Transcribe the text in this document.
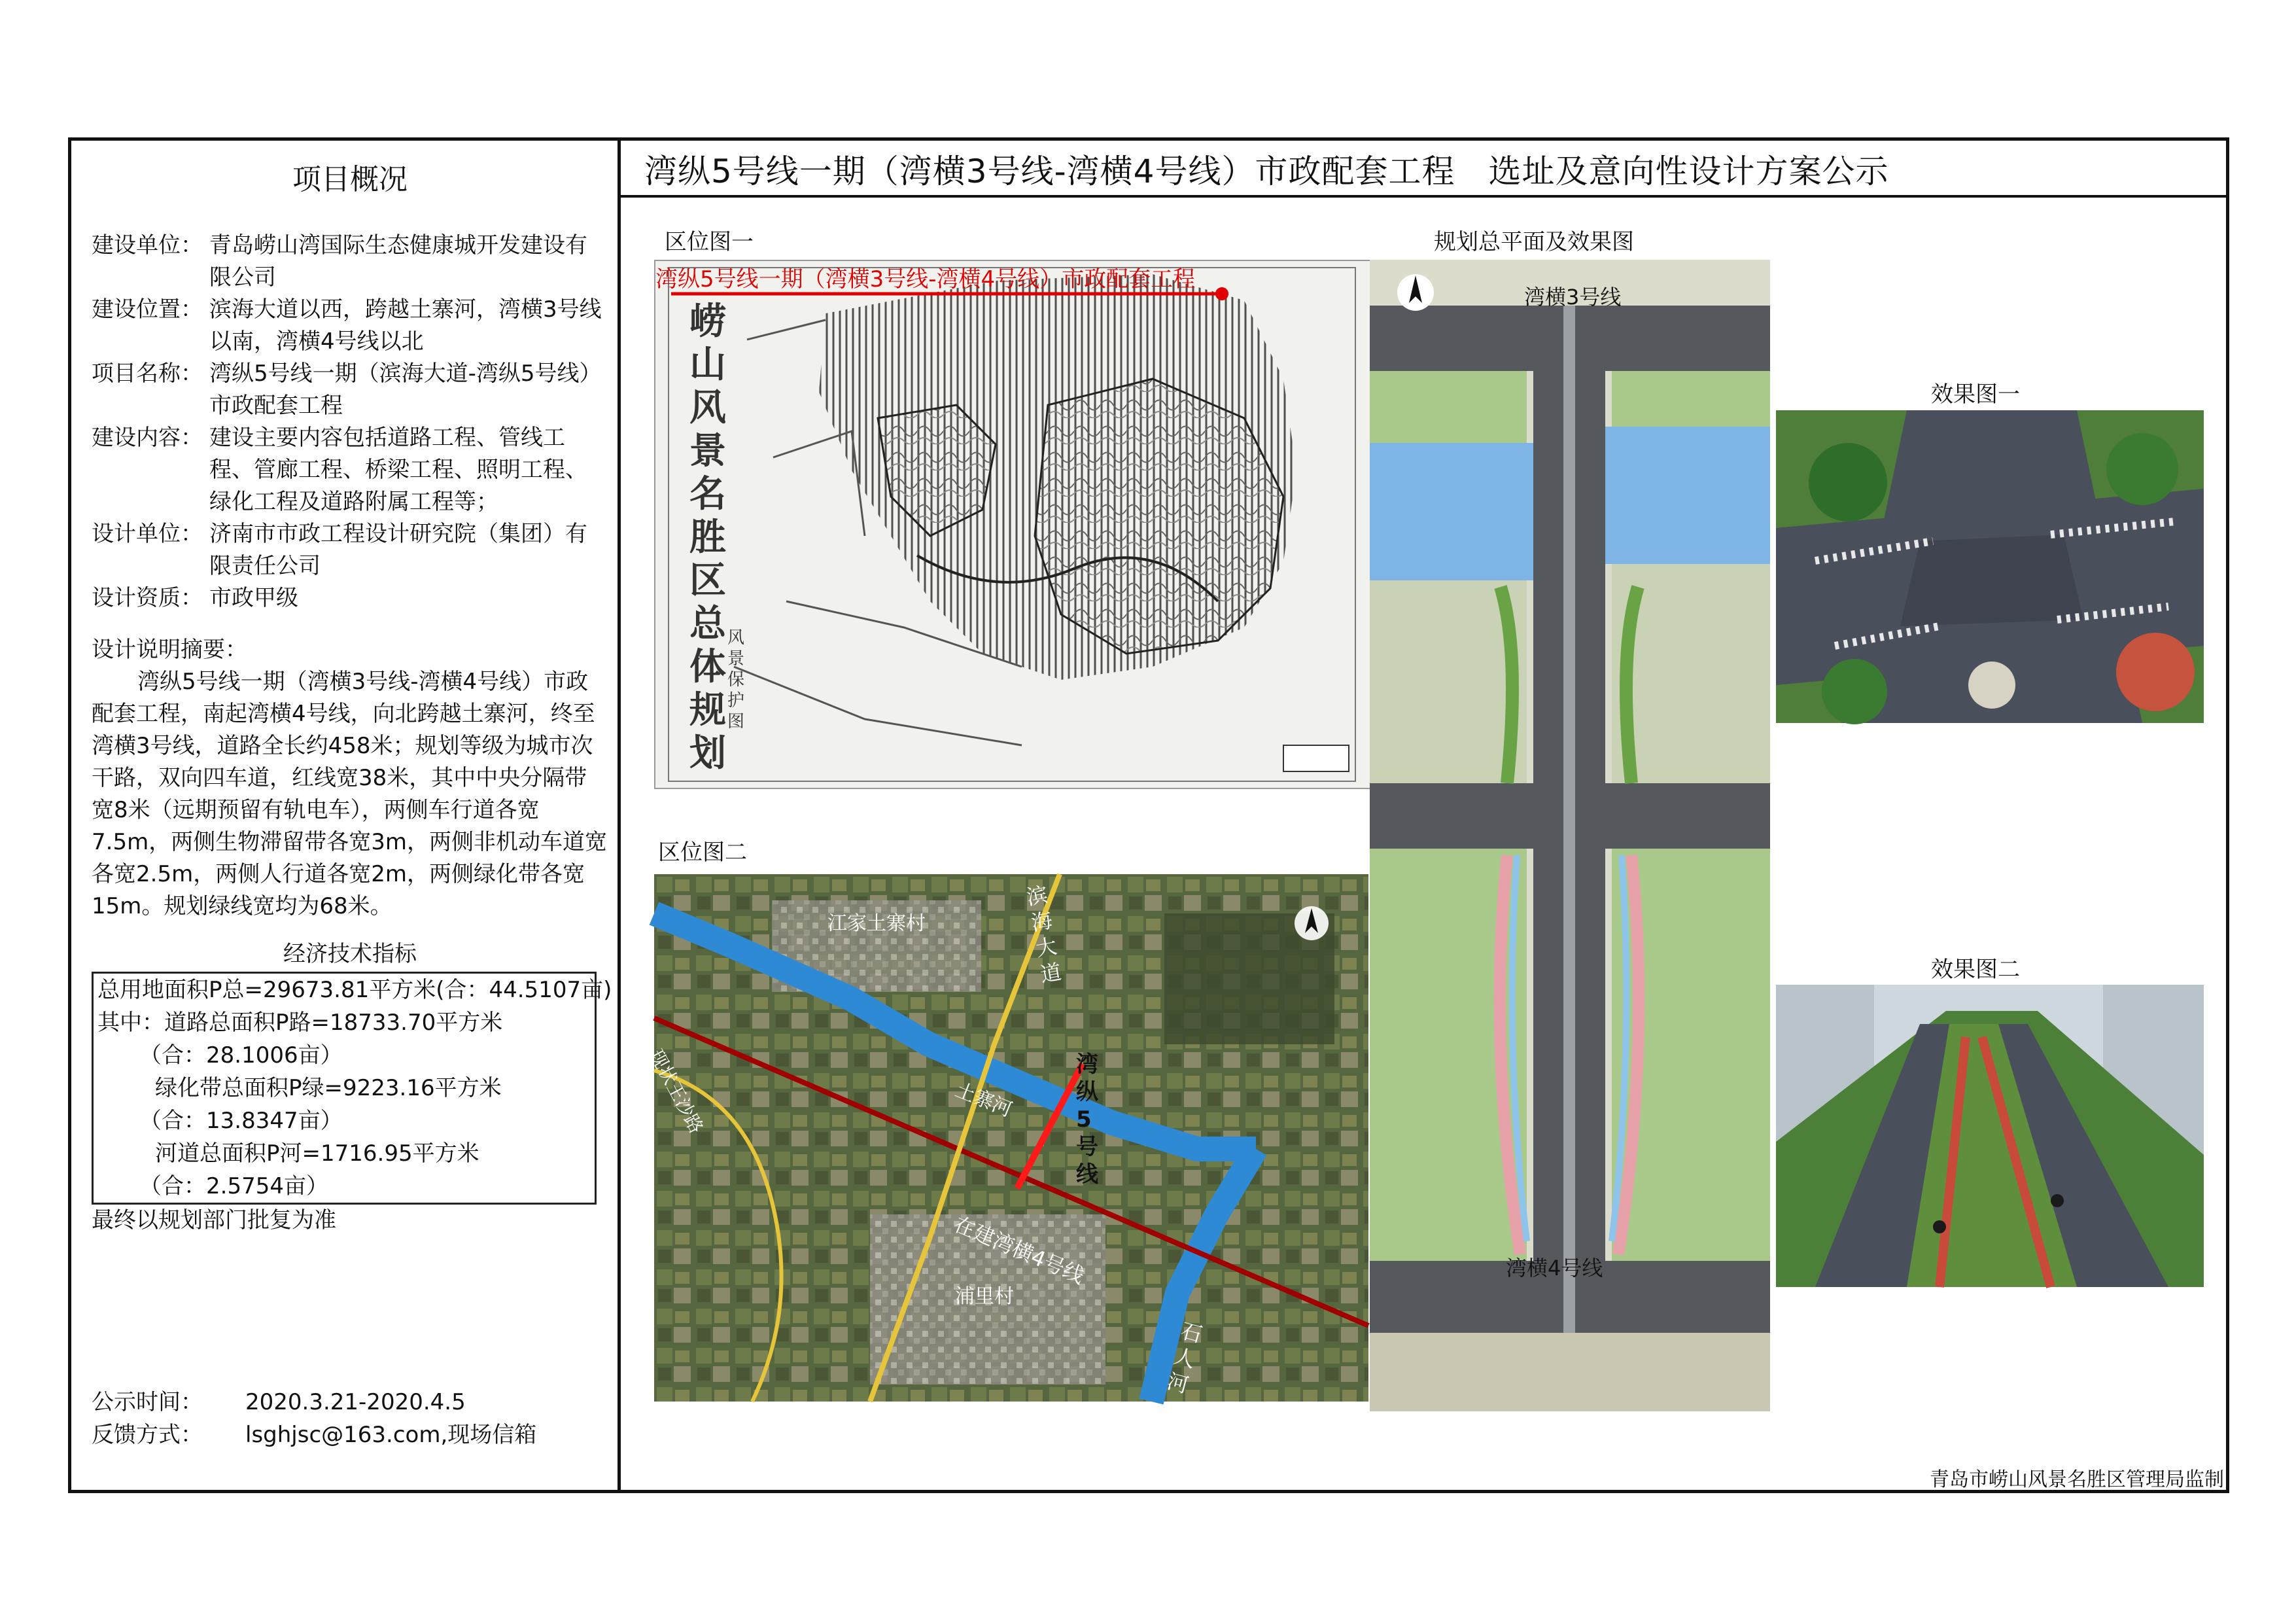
湾纵5号线一期（湾横3号线-湾横4号线）市政配套工程　选址及意向性设计方案公示
项目概况
建设单位： 青岛崂山湾国际生态健康城开发建设有限公司
建设位置： 滨海大道以西，跨越土寨河，湾横3号线以南，湾横4号线以北
项目名称： 湾纵5号线一期（滨海大道-湾纵5号线）市政配套工程
建设内容： 建设主要内容包括道路工程、管线工程、管廊工程、桥梁工程、照明工程、绿化工程及道路附属工程等；
设计单位： 济南市市政工程设计研究院（集团）有限责任公司
设计资质： 市政甲级
设计说明摘要：
湾纵5号线一期（湾横3号线-湾横4号线）市政配套工程，南起湾横4号线，向北跨越土寨河，终至湾横3号线，道路全长约458米；规划等级为城市次干路，双向四车道，红线宽38米，其中中央分隔带宽8米（远期预留有轨电车），两侧车行道各宽7.5m，两侧生物滞留带各宽3m，两侧非机动车道宽各宽2.5m，两侧人行道各宽2m，两侧绿化带各宽15m。规划绿线宽均为68米。
经济技术指标
总用地面积P总=29673.81平方米(合：44.5107亩)
其中：道路总面积P路=18733.70平方米
（合：28.1006亩）
绿化带总面积P绿=9223.16平方米
（合：13.8347亩）
河道总面积P河=1716.95平方米
（合：2.5754亩）
最终以规划部门批复为准
公示时间： 2020.3.21-2020.4.5
反馈方式： lsghjsc@163.com,现场信箱
区位图一
区位图二
规划总平面及效果图
效果图一
效果图二
湾纵5号线一期（湾横3号线-湾横4号线）市政配套工程
崂山风景名胜区总体规划
风景保护图
江家土寨村
滨海大道
土寨河
湾纵5号线
在建湾横4号线
浦里村
石人河
现状王沙路
湾横3号线
湾横4号线
青岛市崂山风景名胜区管理局监制
